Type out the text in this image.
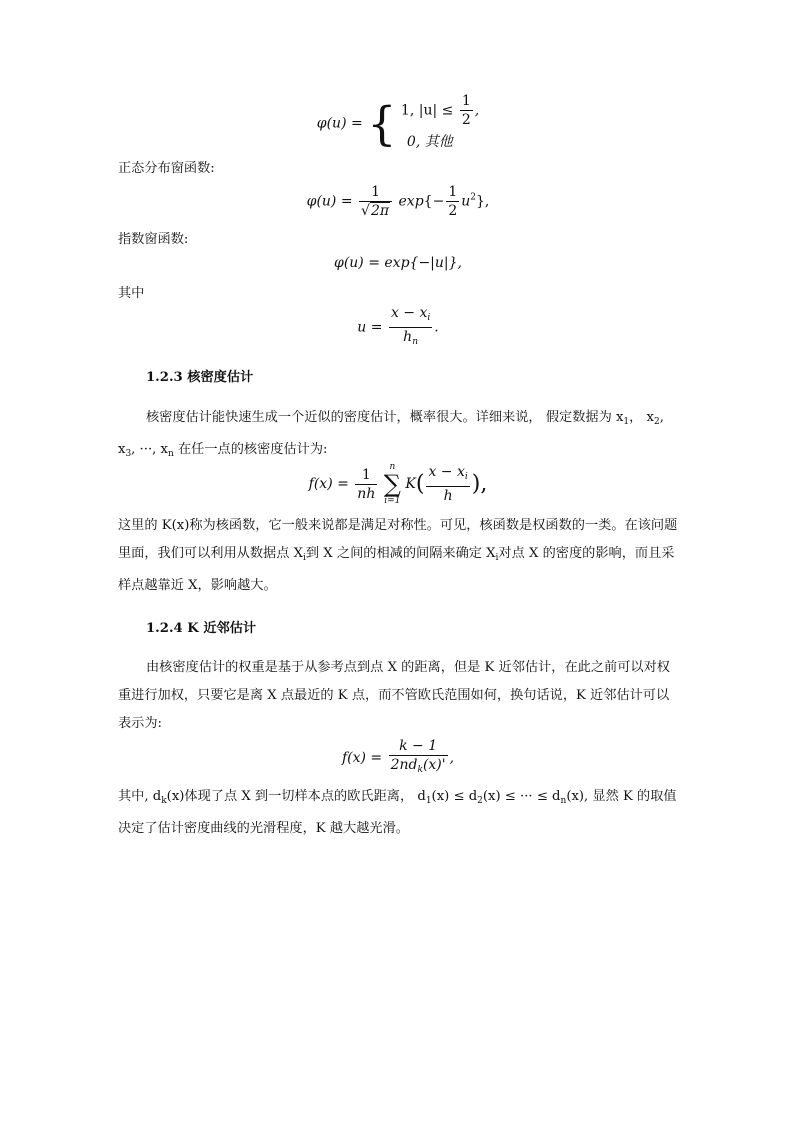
φ(u) = { 1, $|u| \le \frac{1}{2}$ ,
0, 其他
正态分布窗函数:
$\varphi(u) = \frac{1}{√2\pi} \exp\{- \frac{1}{2} u^2\}$,
指数窗函数:
φ(u) = exp{−|u|},
其中
$u = \frac{x - x_i}{h_n}$ .
1.2.3 核密度估计
核密度估计能快速生成一个近似的密度估计，概率很大。详细来说， 假定数据为 $x_1$， $x_2$, $x_3$, ···, $x_n$ 在任一点的核密度估计为:
$f(x) = \frac{1}{nh}$
	n
∑
i=1
$K( \frac{x - x_i}{h}$ ),
这里的 K(x)称为核函数，它一般来说都是满足对称性。可见，核函数是权函数的一类。在该问题里面，我们可以利用从数据点 $X_i$到 X 之间的相减的间隔来确定 $X_i$对点 X 的密度的影响，而且采样点越靠近 X，影响越大。
1.2.4 K 近邻估计
由核密度估计的权重是基于从参考点到点 X 的距离，但是 K 近邻估计，在此之前可以对权重进行加权，只要它是离 X 点最近的 K 点，而不管欧氏范围如何，换句话说，K 近邻估计可以表示为:
$f(x) = \frac{k - 1}{2nd_k(x)'}$ ,
其中, $d_k(x)$体现了点 X 到一切样本点的欧氏距离， $d_1(x) \le d_2(x)$ ≤ ··· ≤ $d_n(x)$, 显然 K 的取值决定了估计密度曲线的光滑程度，K 越大越光滑。
